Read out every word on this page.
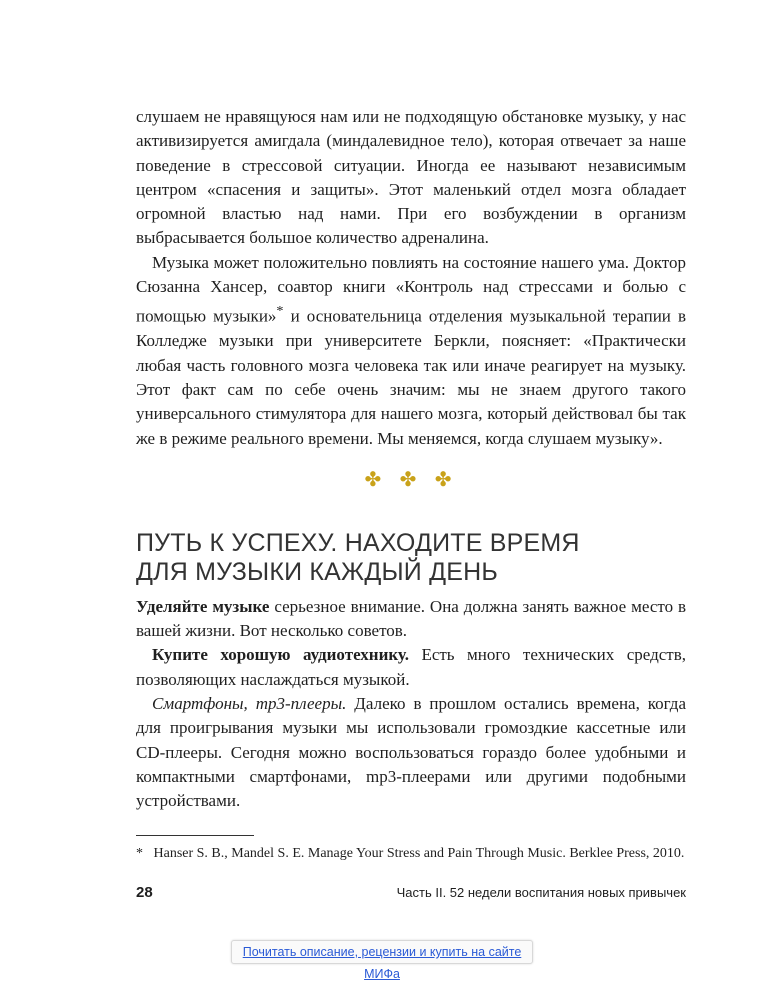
слушаем не нравящуюся нам или не подходящую обстановке музыку, у нас активизируется амигдала (миндалевидное тело), которая отвечает за наше поведение в стрессовой ситуации. Иногда ее называют независимым центром «спасения и защиты». Этот маленький отдел мозга обладает огромной властью над нами. При его возбуждении в организм выбрасывается большое количество адреналина.

Музыка может положительно повлиять на состояние нашего ума. Доктор Сюзанна Хансер, соавтор книги «Контроль над стрессами и болью с помощью музыки»* и основательница отделения музыкальной терапии в Колледже музыки при университете Беркли, поясняет: «Практически любая часть головного мозга человека так или иначе реагирует на музыку. Этот факт сам по себе очень значим: мы не знаем другого такого универсального стимулятора для нашего мозга, который действовал бы так же в режиме реального времени. Мы меняемся, когда слушаем музыку».

✤ ✤ ✤
ПУТЬ К УСПЕХУ. НАХОДИТЕ ВРЕМЯ
ДЛЯ МУЗЫКИ КАЖДЫЙ ДЕНЬ

Уделяйте музыке серьезное внимание. Она должна занять важное место в вашей жизни. Вот несколько советов.

Купите хорошую аудиотехнику. Есть много технических средств, позволяющих наслаждаться музыкой.

Смартфоны, mp3-плееры. Далеко в прошлом остались времена, когда для проигрывания музыки мы использовали громоздкие кассетные или CD-плееры. Сегодня можно воспользоваться гораздо более удобными и компактными смартфонами, mp3-плеерами или другими подобными устройствами.

* Hanser S. B., Mandel S. E. Manage Your Stress and Pain Through Music. Berklee Press, 2010.

28	Часть II. 52 недели воспитания новых привычек
Почитать описание, рецензии и купить на сайте МИФа
